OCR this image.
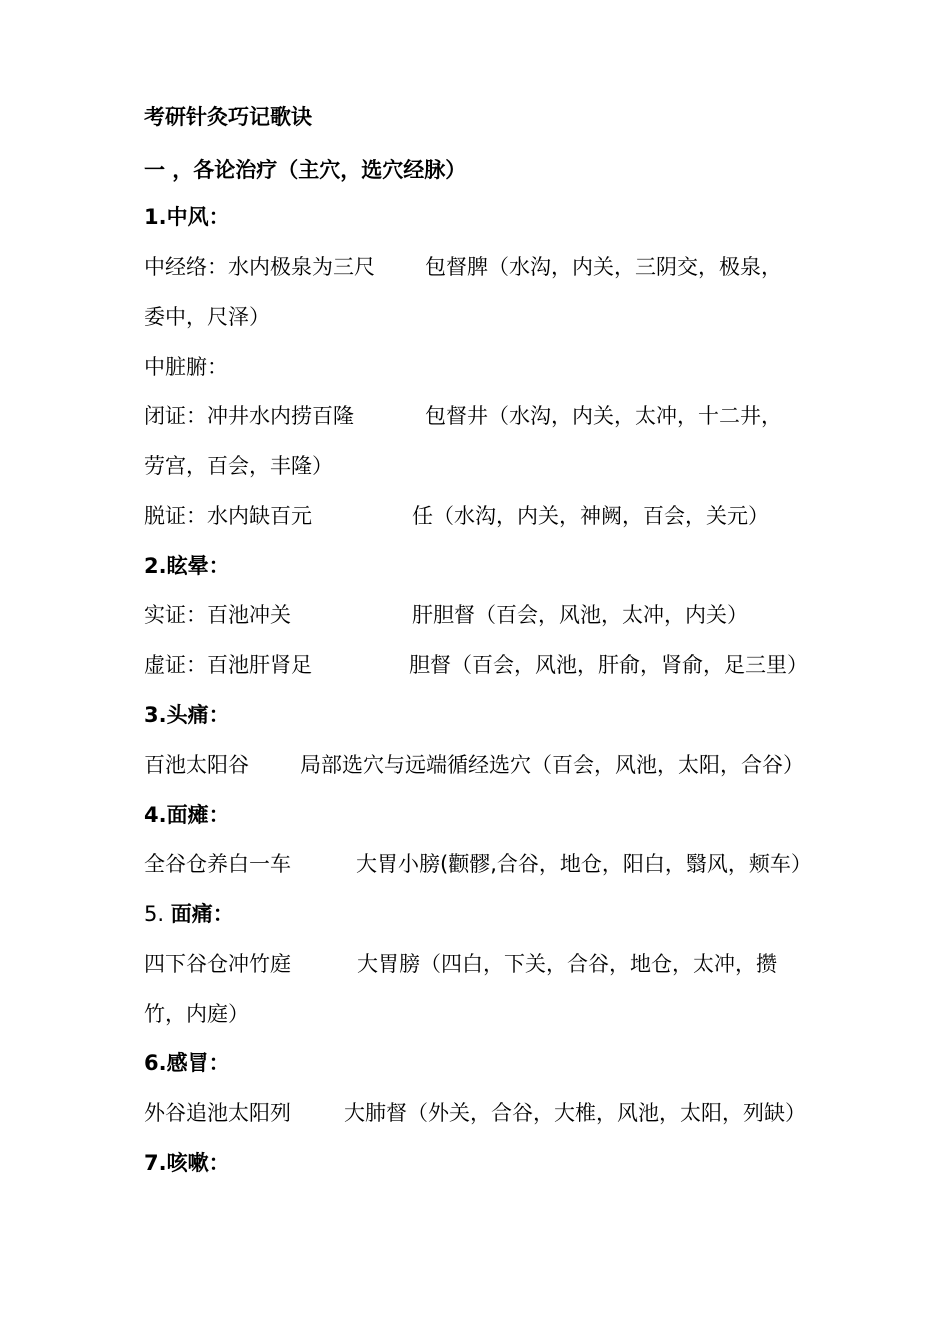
考研针灸巧记歌诀
一 ，各论治疗（主穴，选穴经脉）
1.中风：
中经络：水内极泉为三尺 包督脾（水沟，内关，三阴交，极泉，
委中，尺泽）
中脏腑：
闭证：冲井水内捞百隆	包督井（水沟，内关，太冲，十二井，
劳宫，百会，丰隆）
脱证：水内缺百元	任（水沟，内关，神阙，百会，关元）
2.眩晕：
实证：百池冲关	肝胆督（百会，风池，太冲，内关）
虚证：百池肝肾足	胆督（百会，风池，肝俞，肾俞，足三里）
3.头痛：
百池太阳谷 局部选穴与远端循经选穴（百会，风池，太阳，合谷）
4.面瘫：
全谷仓养白一车	大胃小膀(颧髎,合谷，地仓，阳白，翳风，颊车）
5. 面痛：
四下谷仓冲竹庭	大胃膀（四白，下关，合谷，地仓，太冲，攒
竹，内庭）
6.感冒：
外谷追池太阳列	大肺督（外关，合谷，大椎，风池，太阳，列缺）
7.咳嗽：
